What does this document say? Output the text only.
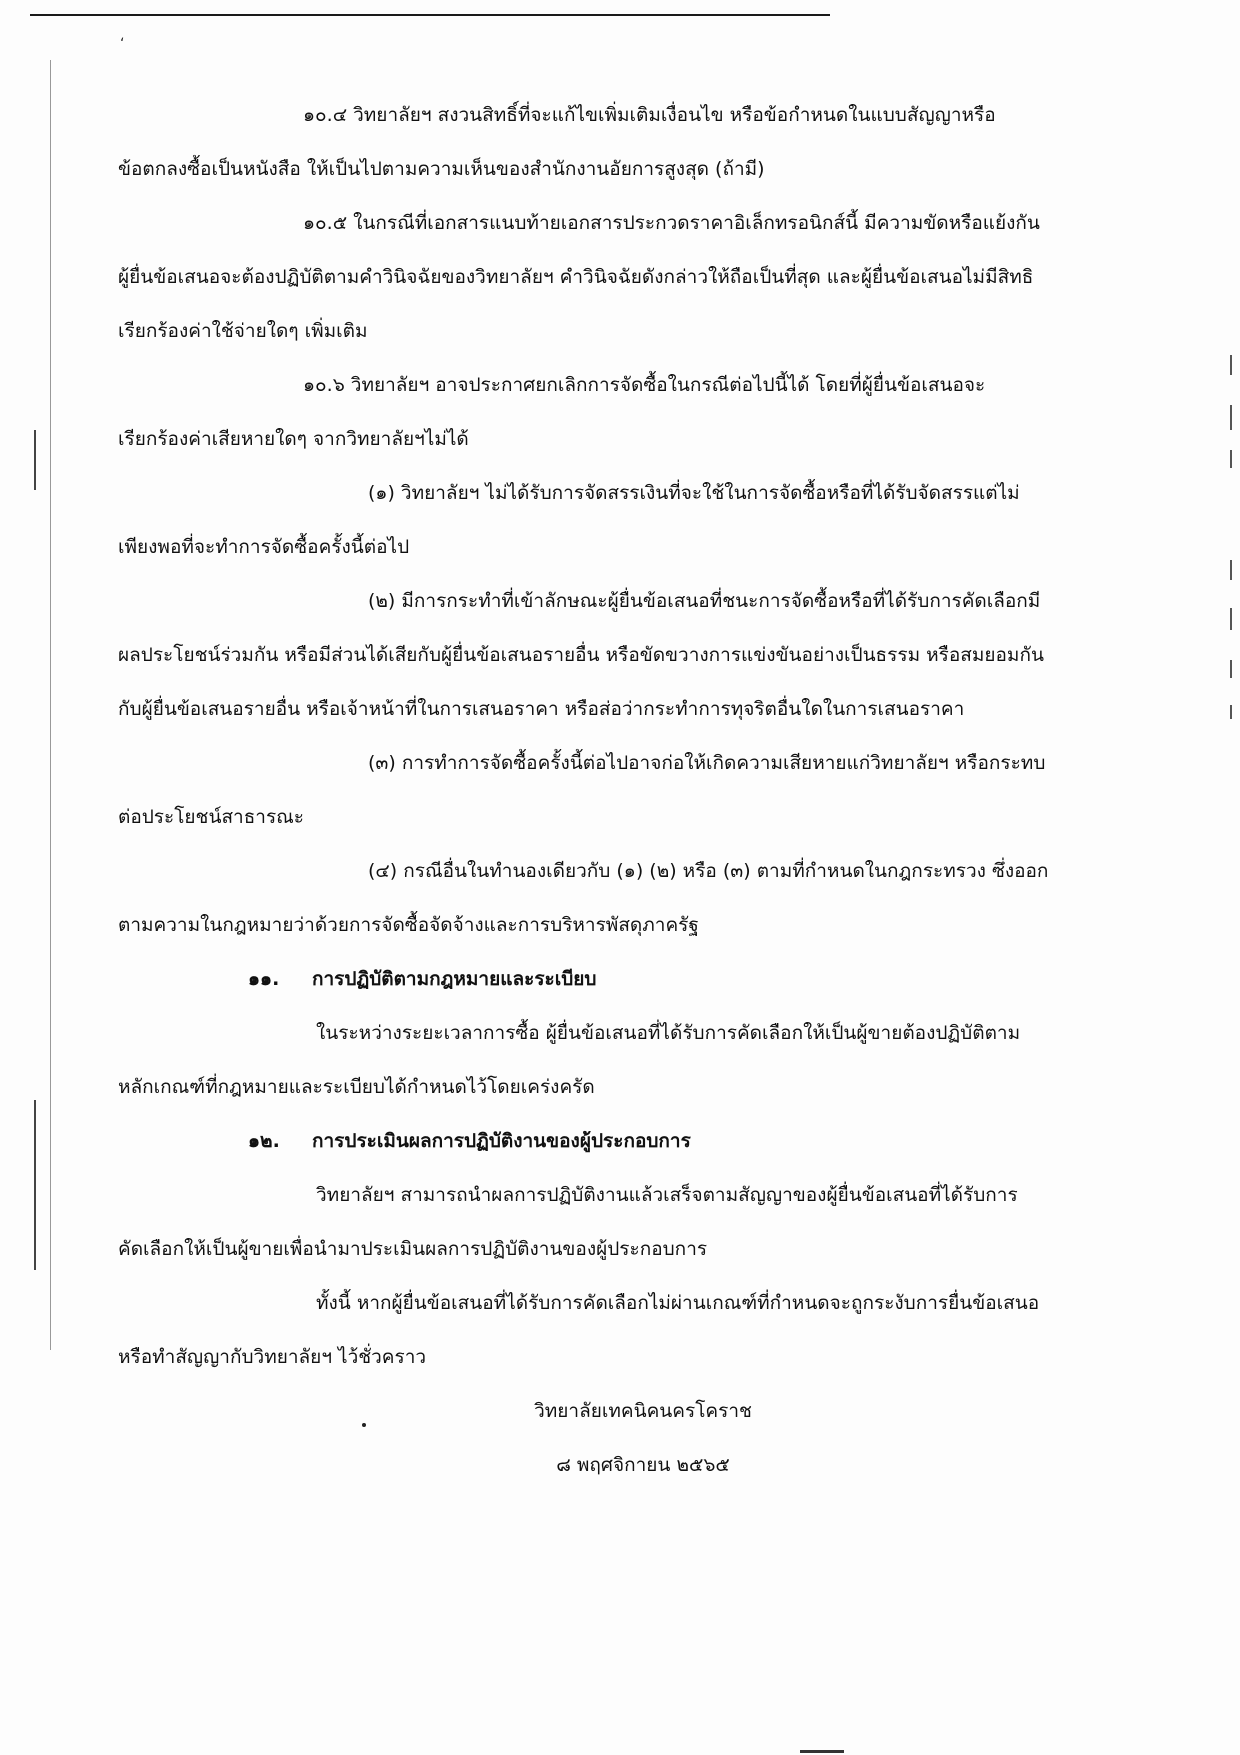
‘

๑๐.๔ วิทยาลัยฯ สงวนสิทธิ์ที่จะแก้ไขเพิ่มเติมเงื่อนไข หรือข้อกำหนดในแบบสัญญาหรือ
ข้อตกลงซื้อเป็นหนังสือ ให้เป็นไปตามความเห็นของสำนักงานอัยการสูงสุด (ถ้ามี)

๑๐.๕ ในกรณีที่เอกสารแนบท้ายเอกสารประกวดราคาอิเล็กทรอนิกส์นี้ มีความขัดหรือแย้งกัน
ผู้ยื่นข้อเสนอจะต้องปฏิบัติตามคำวินิจฉัยของวิทยาลัยฯ คำวินิจฉัยดังกล่าวให้ถือเป็นที่สุด และผู้ยื่นข้อเสนอไม่มีสิทธิ
เรียกร้องค่าใช้จ่ายใดๆ เพิ่มเติม

๑๐.๖ วิทยาลัยฯ อาจประกาศยกเลิกการจัดซื้อในกรณีต่อไปนี้ได้ โดยที่ผู้ยื่นข้อเสนอจะ
เรียกร้องค่าเสียหายใดๆ จากวิทยาลัยฯไม่ได้

(๑) วิทยาลัยฯ ไม่ได้รับการจัดสรรเงินที่จะใช้ในการจัดซื้อหรือที่ได้รับจัดสรรแต่ไม่
เพียงพอที่จะทำการจัดซื้อครั้งนี้ต่อไป

(๒) มีการกระทำที่เข้าลักษณะผู้ยื่นข้อเสนอที่ชนะการจัดซื้อหรือที่ได้รับการคัดเลือกมี
ผลประโยชน์ร่วมกัน หรือมีส่วนได้เสียกับผู้ยื่นข้อเสนอรายอื่น หรือขัดขวางการแข่งขันอย่างเป็นธรรม หรือสมยอมกัน
กับผู้ยื่นข้อเสนอรายอื่น หรือเจ้าหน้าที่ในการเสนอราคา หรือส่อว่ากระทำการทุจริตอื่นใดในการเสนอราคา

(๓) การทำการจัดซื้อครั้งนี้ต่อไปอาจก่อให้เกิดความเสียหายแก่วิทยาลัยฯ หรือกระทบ
ต่อประโยชน์สาธารณะ

(๔) กรณีอื่นในทำนองเดียวกับ (๑) (๒) หรือ (๓) ตามที่กำหนดในกฎกระทรวง ซึ่งออก
ตามความในกฎหมายว่าด้วยการจัดซื้อจัดจ้างและการบริหารพัสดุภาครัฐ

๑๑. การปฏิบัติตามกฎหมายและระเบียบ

ในระหว่างระยะเวลาการซื้อ ผู้ยื่นข้อเสนอที่ได้รับการคัดเลือกให้เป็นผู้ขายต้องปฏิบัติตาม
หลักเกณฑ์ที่กฎหมายและระเบียบได้กำหนดไว้โดยเคร่งครัด

๑๒. การประเมินผลการปฏิบัติงานของผู้ประกอบการ

วิทยาลัยฯ สามารถนำผลการปฏิบัติงานแล้วเสร็จตามสัญญาของผู้ยื่นข้อเสนอที่ได้รับการ
คัดเลือกให้เป็นผู้ขายเพื่อนำมาประเมินผลการปฏิบัติงานของผู้ประกอบการ

ทั้งนี้ หากผู้ยื่นข้อเสนอที่ได้รับการคัดเลือกไม่ผ่านเกณฑ์ที่กำหนดจะถูกระงับการยื่นข้อเสนอ
หรือทำสัญญากับวิทยาลัยฯ ไว้ชั่วคราว

วิทยาลัยเทคนิคนครโคราช

๘ พฤศจิกายน ๒๕๖๕
